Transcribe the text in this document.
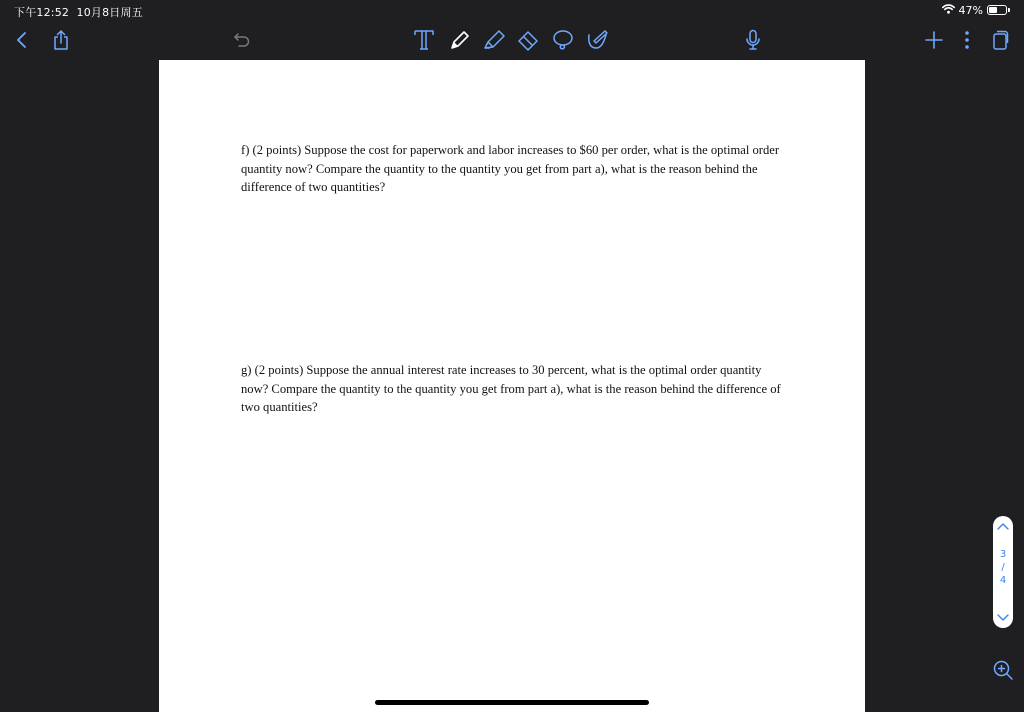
下午12:52 10月8日周五	47%
f) (2 points) Suppose the cost for paperwork and labor increases to $60 per order, what is the optimal order quantity now? Compare the quantity to the quantity you get from part a), what is the reason behind the difference of two quantities?
g) (2 points) Suppose the annual interest rate increases to 30 percent, what is the optimal order quantity now? Compare the quantity to the quantity you get from part a), what is the reason behind the difference of two quantities?
3
/
4
